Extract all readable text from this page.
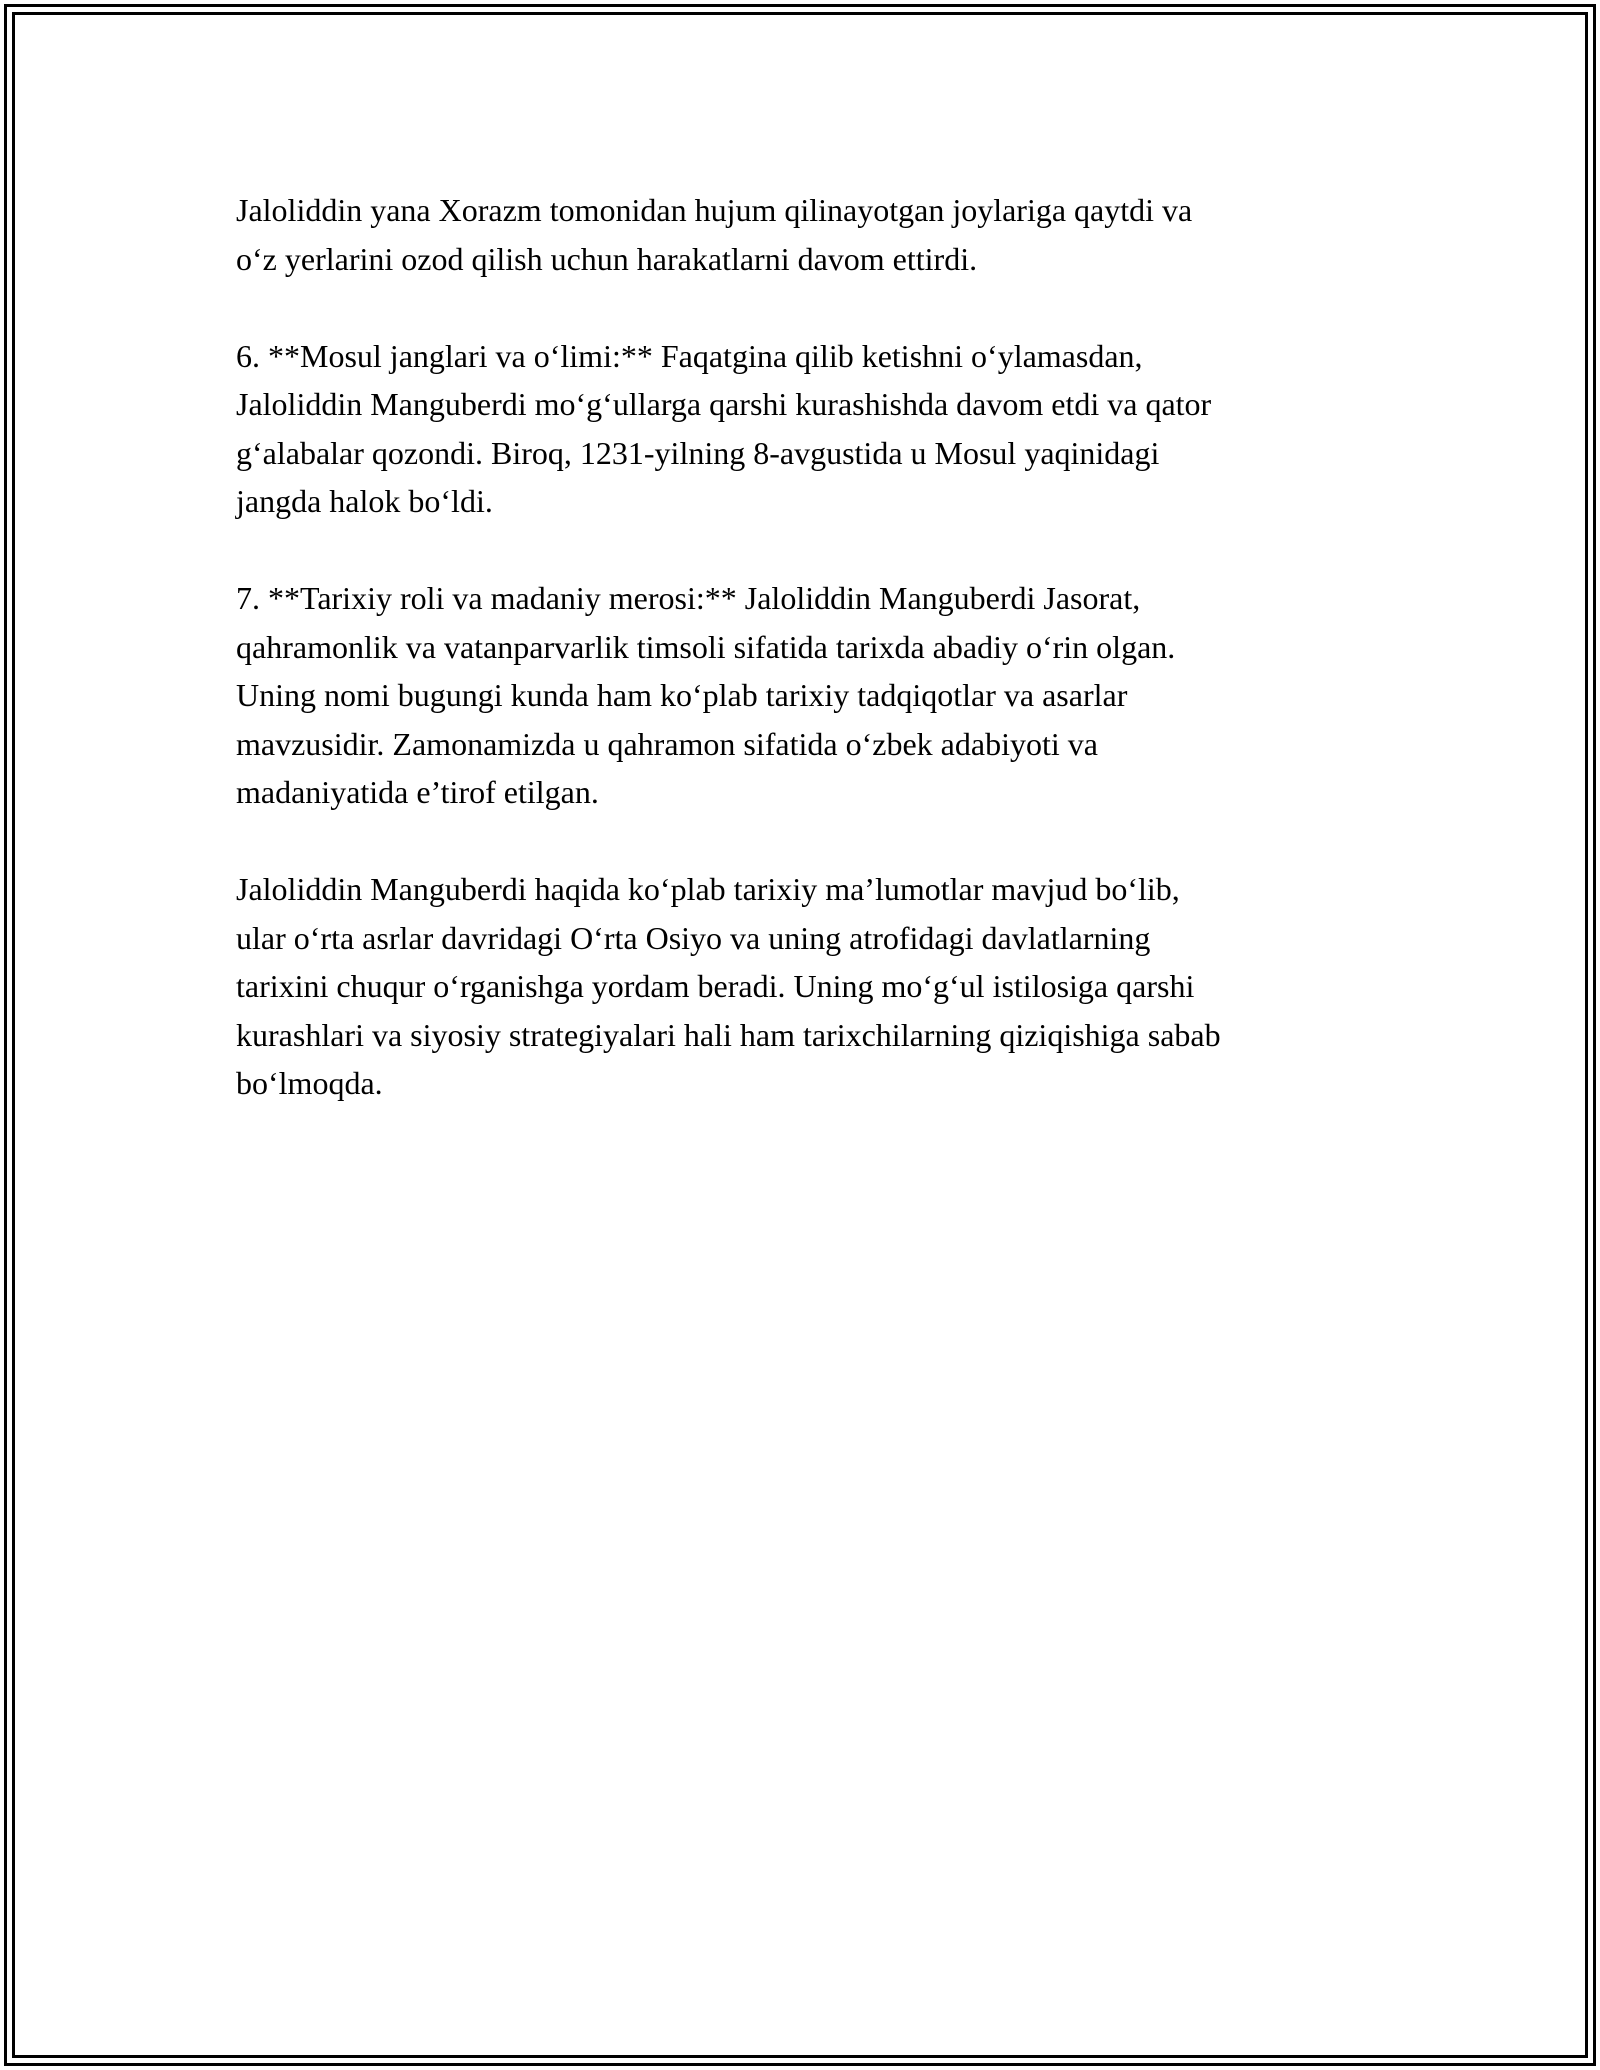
Jaloliddin yana Xorazm tomonidan hujum qilinayotgan joylariga qaytdi va
o‘z yerlarini ozod qilish uchun harakatlarni davom ettirdi.

6. **Mosul janglari va o‘limi:** Faqatgina qilib ketishni o‘ylamasdan,
Jaloliddin Manguberdi mo‘g‘ullarga qarshi kurashishda davom etdi va qator
g‘alabalar qozondi. Biroq, 1231-yilning 8-avgustida u Mosul yaqinidagi
jangda halok bo‘ldi.

7. **Tarixiy roli va madaniy merosi:** Jaloliddin Manguberdi Jasorat,
qahramonlik va vatanparvarlik timsoli sifatida tarixda abadiy o‘rin olgan.
Uning nomi bugungi kunda ham ko‘plab tarixiy tadqiqotlar va asarlar
mavzusidir. Zamonamizda u qahramon sifatida o‘zbek adabiyoti va
madaniyatida e’tirof etilgan.

Jaloliddin Manguberdi haqida ko‘plab tarixiy ma’lumotlar mavjud bo‘lib,
ular o‘rta asrlar davridagi O‘rta Osiyo va uning atrofidagi davlatlarning
tarixini chuqur o‘rganishga yordam beradi. Uning mo‘g‘ul istilosiga qarshi
kurashlari va siyosiy strategiyalari hali ham tarixchilarning qiziqishiga sabab
bo‘lmoqda.
